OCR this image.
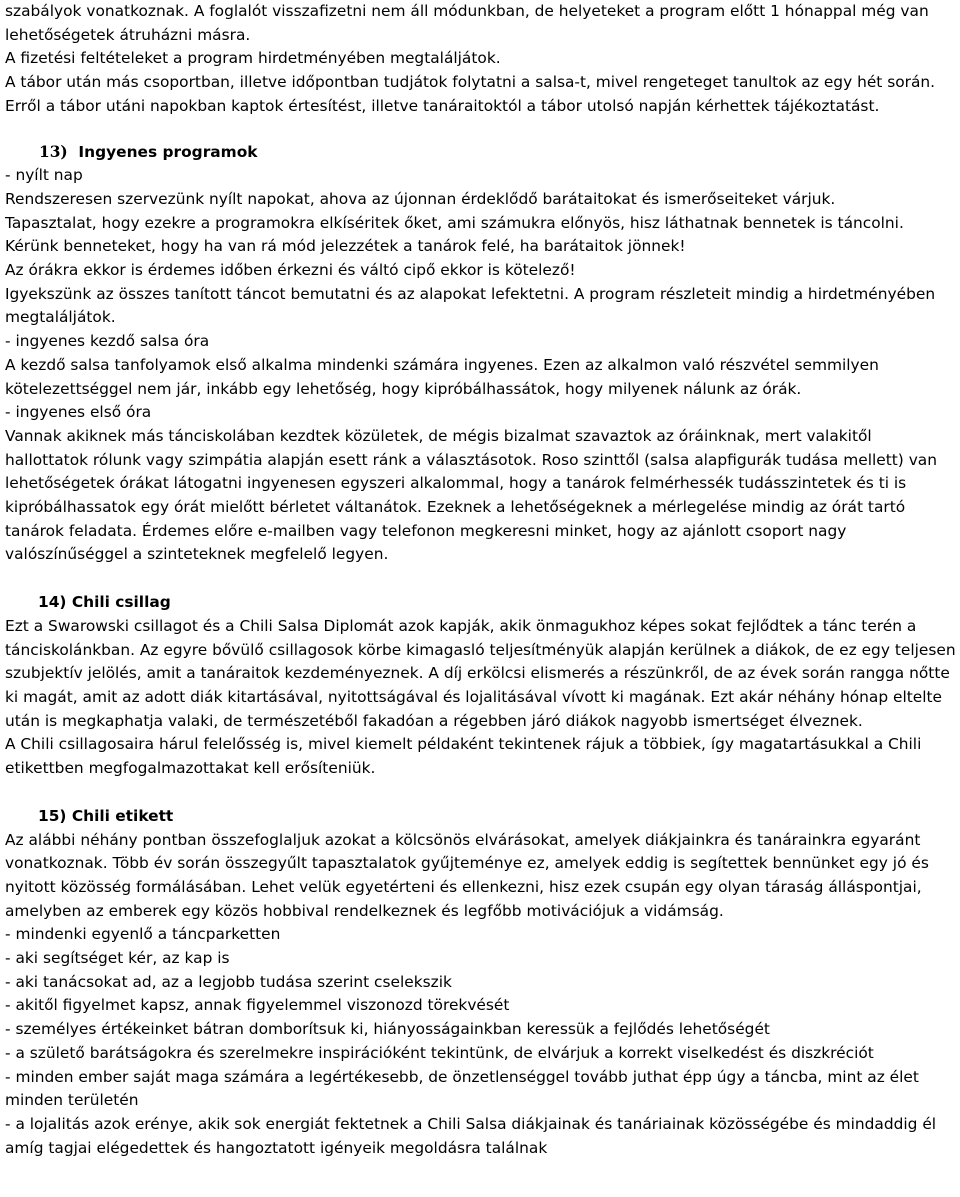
szabályok vonatkoznak. A foglalót visszafizetni nem áll módunkban, de helyeteket a program előtt 1 hónappal még van lehetőségetek átruházni másra.

A fizetési feltételeket a program hirdetményében megtaláljátok.

A tábor után más csoportban, illetve időpontban tudjátok folytatni a salsa-t, mivel rengeteget tanultok az egy hét során. Erről a tábor utáni napokban kaptok értesítést, illetve tanáraitoktól a tábor utolsó napján kérhettek tájékoztatást.

13) Ingyenes programok

- nyílt nap

Rendszeresen szervezünk nyílt napokat, ahova az újonnan érdeklődő barátaitokat és ismerőseiteket várjuk.

Tapasztalat, hogy ezekre a programokra elkíséritek őket, ami számukra előnyös, hisz láthatnak bennetek is táncolni.

Kérünk benneteket, hogy ha van rá mód jelezzétek a tanárok felé, ha barátaitok jönnek!

Az órákra ekkor is érdemes időben érkezni és váltó cipő ekkor is kötelező!

Igyekszünk az összes tanított táncot bemutatni és az alapokat lefektetni. A program részleteit mindig a hirdetményében megtaláljátok.

- ingyenes kezdő salsa óra

A kezdő salsa tanfolyamok első alkalma mindenki számára ingyenes. Ezen az alkalmon való részvétel semmilyen kötelezettséggel nem jár, inkább egy lehetőség, hogy kipróbálhassátok, hogy milyenek nálunk az órák.

- ingyenes első óra

Vannak akiknek más tánciskolában kezdtek közületek, de mégis bizalmat szavaztok az óráinknak, mert valakitől hallottatok rólunk vagy szimpátia alapján esett ránk a választásotok. Roso szinttől (salsa alapfigurák tudása mellett) van lehetőségetek órákat látogatni ingyenesen egyszeri alkalommal, hogy a tanárok felmérhessék tudásszintetek és ti is kipróbálhassatok egy órát mielőtt bérletet váltanátok. Ezeknek a lehetőségeknek a mérlegelése mindig az órát tartó tanárok feladata. Érdemes előre e-mailben vagy telefonon megkeresni minket, hogy az ajánlott csoport nagy valószínűséggel a szinteteknek megfelelő legyen.

14) Chili csillag

Ezt a Swarowski csillagot és a Chili Salsa Diplomát azok kapják, akik önmagukhoz képes sokat fejlődtek a tánc terén a tánciskolánkban. Az egyre bővülő csillagosok körbe kimagasló teljesítményük alapján kerülnek a diákok, de ez egy teljesen szubjektív jelölés, amit a tanáraitok kezdeményeznek. A díj erkölcsi elismerés a részünkről, de az évek során rangga nőtte ki magát, amit az adott diák kitartásával, nyitottságával és lojalitásával vívott ki magának. Ezt akár néhány hónap eltelte után is megkaphatja valaki, de természetéből fakadóan a régebben járó diákok nagyobb ismertséget élveznek.

A Chili csillagosaira hárul felelősség is, mivel kiemelt példaként tekintenek rájuk a többiek, így magatartásukkal a Chili etikettben megfogalmazottakat kell erősíteniük.

15) Chili etikett

Az alábbi néhány pontban összefoglaljuk azokat a kölcsönös elvárásokat, amelyek diákjainkra és tanárainkra egyaránt vonatkoznak. Több év során összegyűlt tapasztalatok gyűjteménye ez, amelyek eddig is segítettek bennünket egy jó és nyitott közösség formálásában. Lehet velük egyetérteni és ellenkezni, hisz ezek csupán egy olyan táraság álláspontjai, amelyben az emberek egy közös hobbival rendelkeznek és legfőbb motivációjuk a vidámság.

- mindenki egyenlő a táncparketten

- aki segítséget kér, az kap is

- aki tanácsokat ad, az a legjobb tudása szerint cselekszik

- akitől figyelmet kapsz, annak figyelemmel viszonozd törekvését

- személyes értékeinket bátran domborítsuk ki, hiányosságainkban keressük a fejlődés lehetőségét

- a születő barátságokra és szerelmekre inspirációként tekintünk, de elvárjuk a korrekt viselkedést és diszkréciót

- minden ember saját maga számára a legértékesebb, de önzetlenséggel tovább juthat épp úgy a táncba, mint az élet minden területén

- a lojalitás azok erénye, akik sok energiát fektetnek a Chili Salsa diákjainak és tanáriainak közösségébe és mindaddig él amíg tagjai elégedettek és hangoztatott igényeik megoldásra találnak
